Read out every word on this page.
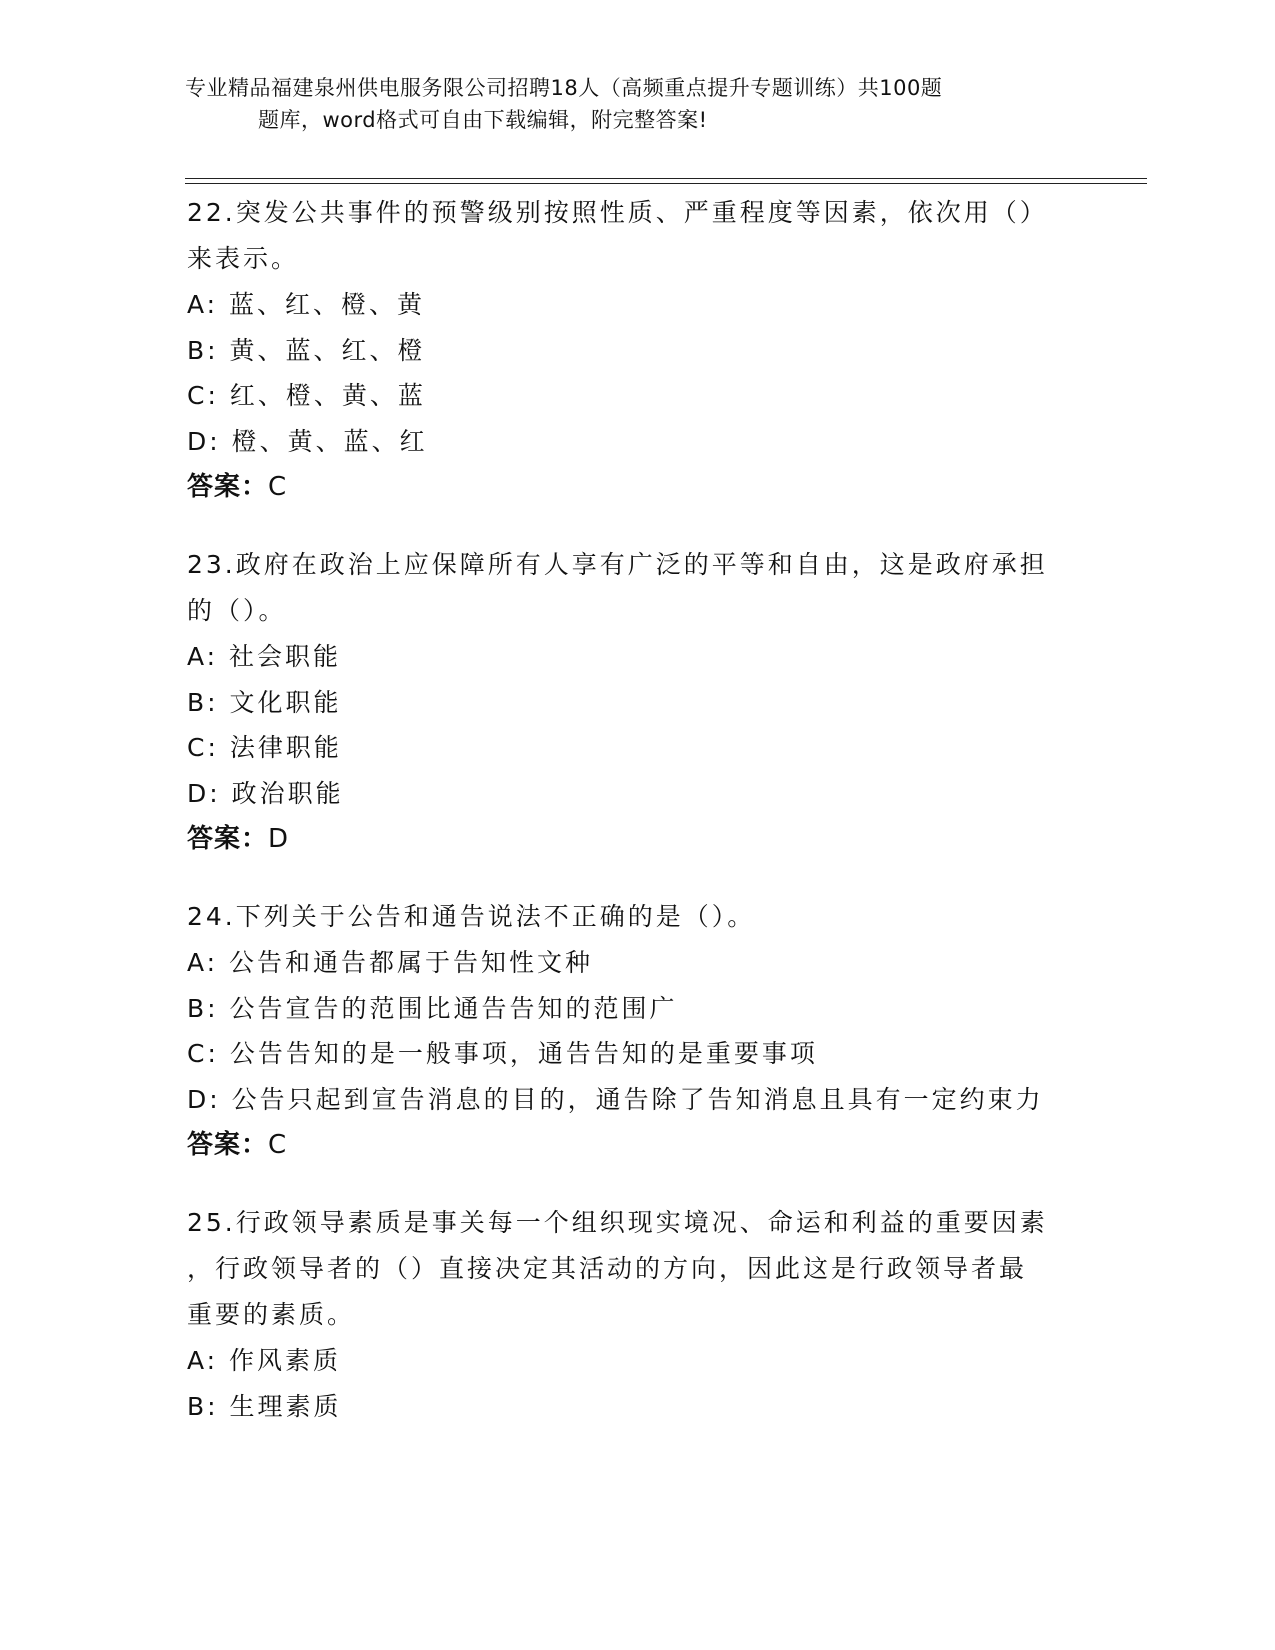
专业精品福建泉州供电服务限公司招聘18人（高频重点提升专题训练）共100题
题库，word格式可自由下载编辑，附完整答案!
22.突发公共事件的预警级别按照性质、严重程度等因素，依次用（）
来表示。
A: 蓝、红、橙、黄
B: 黄、蓝、红、橙
C: 红、橙、黄、蓝
D: 橙、黄、蓝、红
答案：C
23.政府在政治上应保障所有人享有广泛的平等和自由，这是政府承担
的（）。
A: 社会职能
B: 文化职能
C: 法律职能
D: 政治职能
答案：D
24.下列关于公告和通告说法不正确的是（）。
A: 公告和通告都属于告知性文种
B: 公告宣告的范围比通告告知的范围广
C: 公告告知的是一般事项，通告告知的是重要事项
D: 公告只起到宣告消息的目的，通告除了告知消息且具有一定约束力
答案：C
25.行政领导素质是事关每一个组织现实境况、命运和利益的重要因素
，行政领导者的（）直接决定其活动的方向，因此这是行政领导者最
重要的素质。
A: 作风素质
B: 生理素质
